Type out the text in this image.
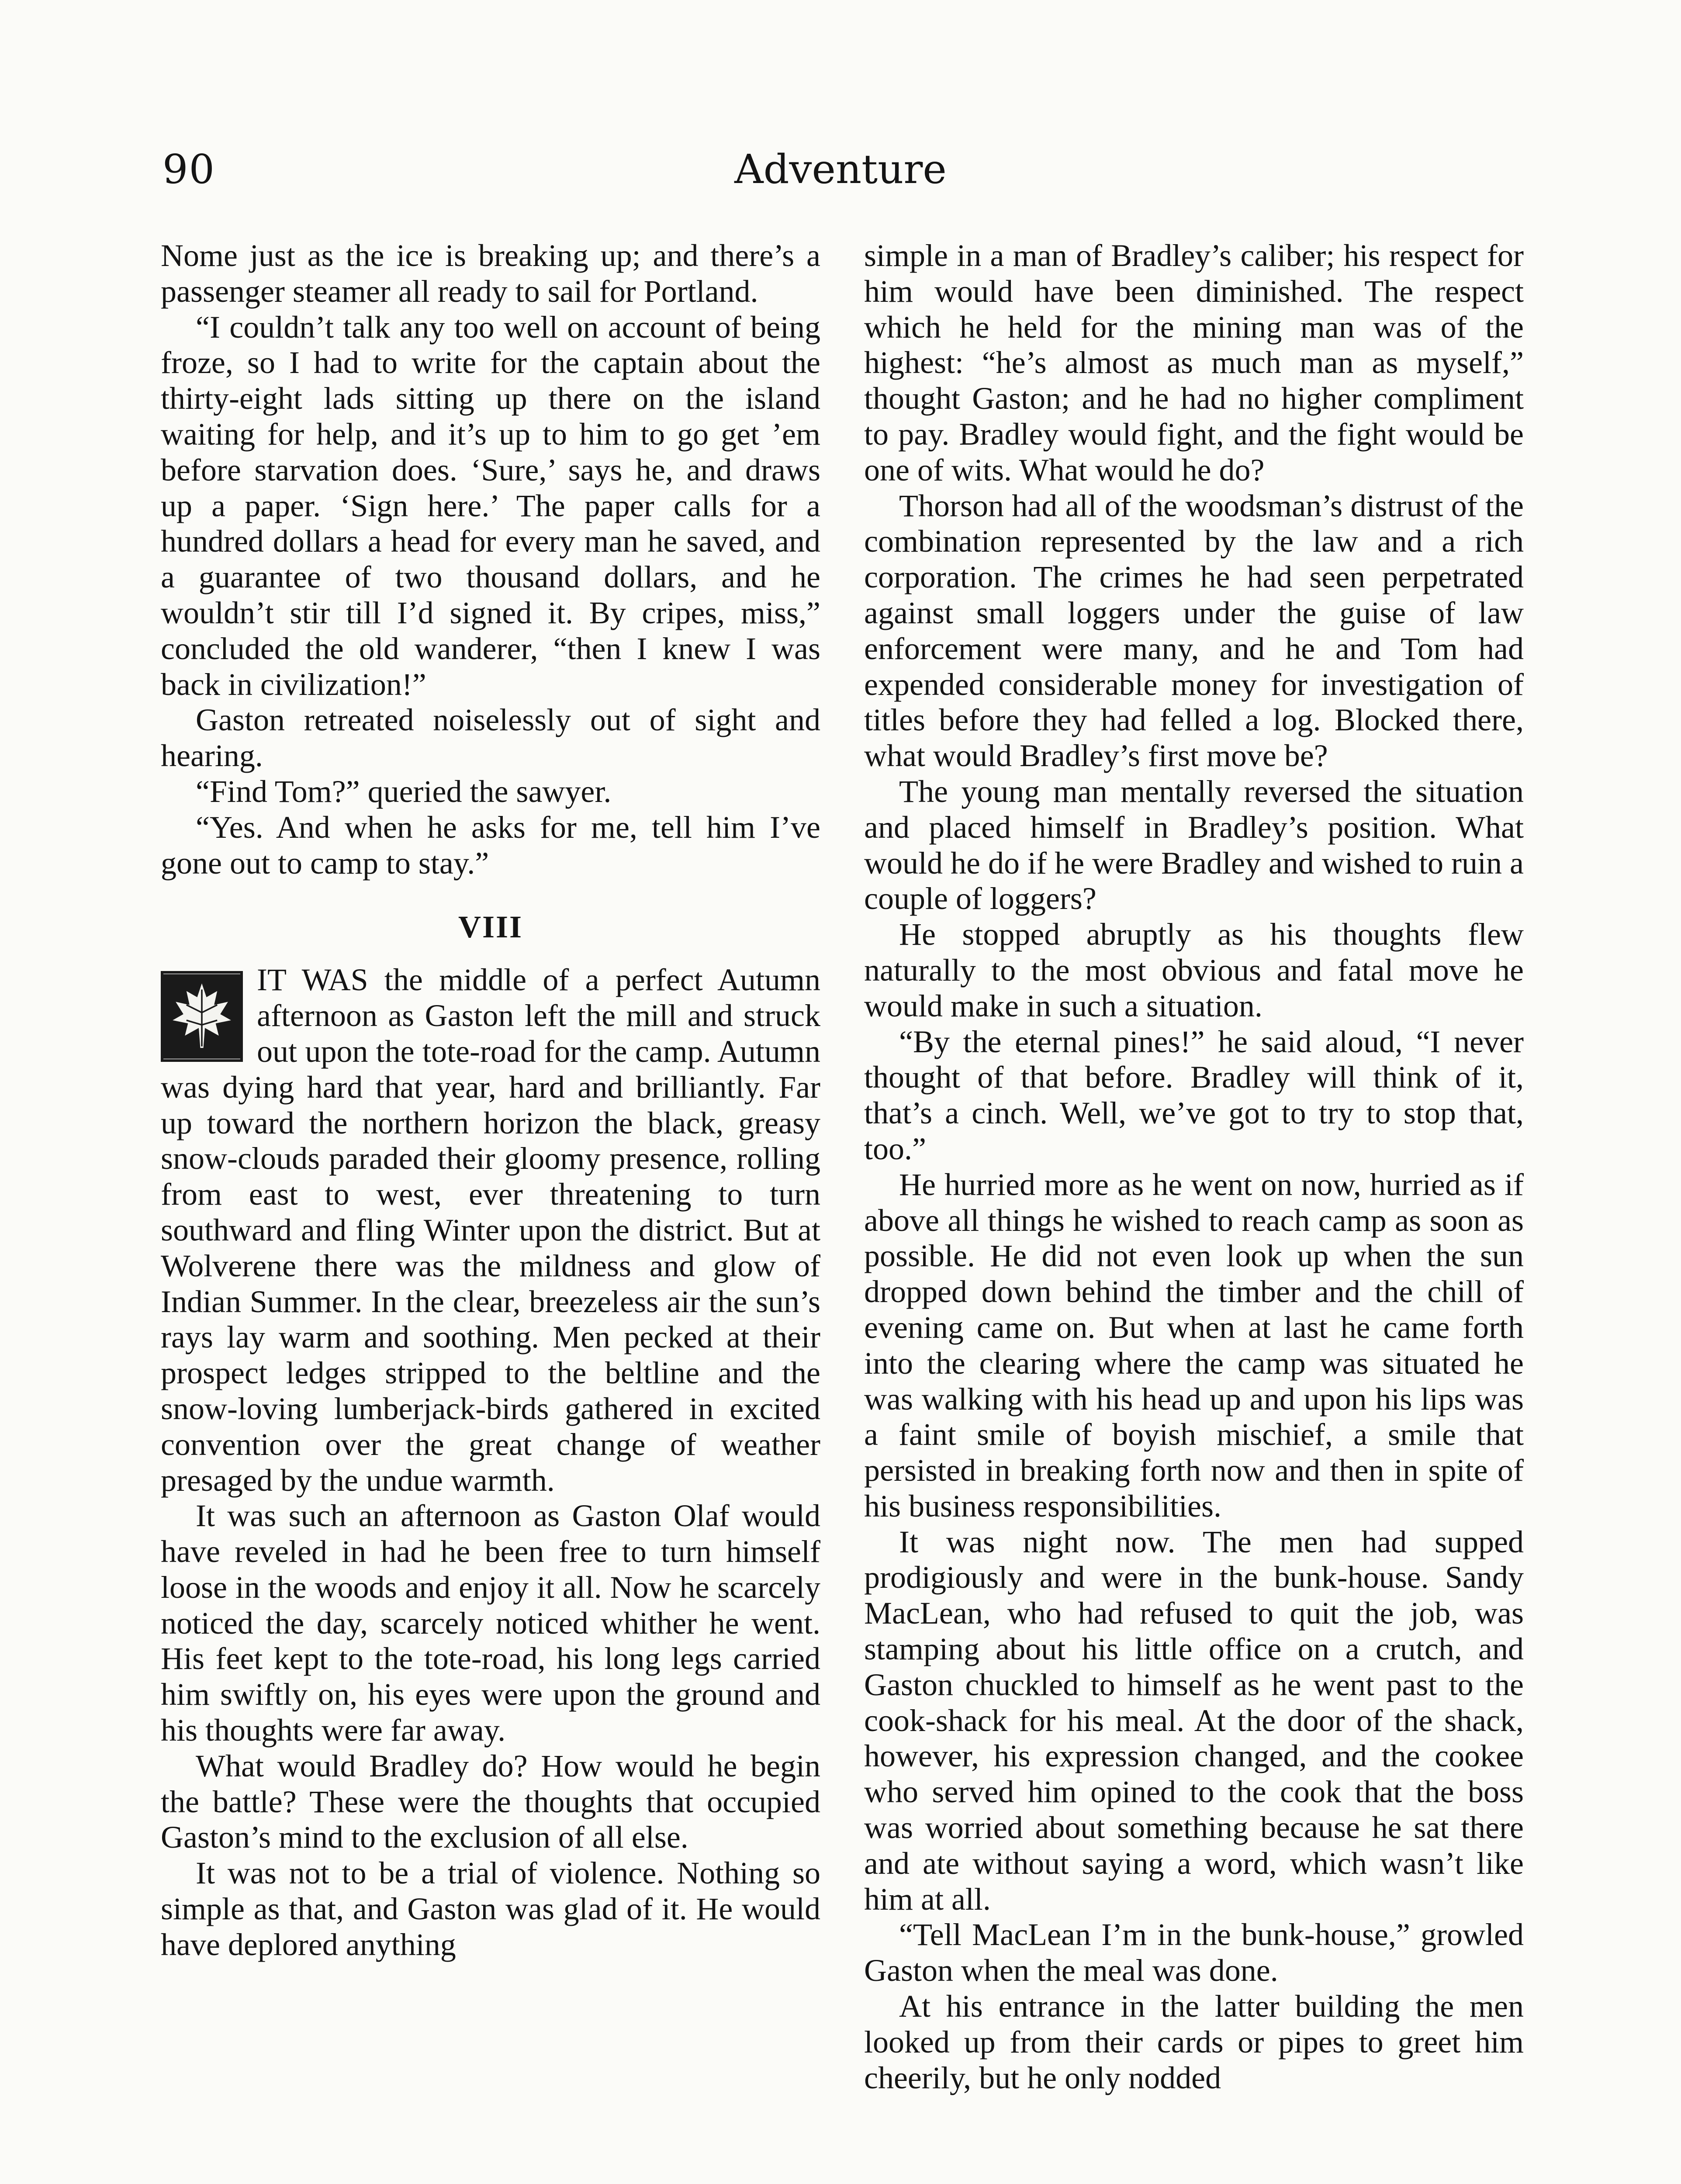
90	Adventure

Nome just as the ice is breaking up; and there’s a passenger steamer all ready to sail for Portland.

“I couldn’t talk any too well on account of being froze, so I had to write for the captain about the thirty-eight lads sitting up there on the island waiting for help, and it’s up to him to go get ’em before starvation does. ‘Sure,’ says he, and draws up a paper. ‘Sign here.’ The paper calls for a hundred dollars a head for every man he saved, and a guarantee of two thousand dollars, and he wouldn’t stir till I’d signed it. By cripes, miss,” concluded the old wanderer, “then I knew I was back in civilization!”

Gaston retreated noiselessly out of sight and hearing.

“Find Tom?” queried the sawyer.

“Yes. And when he asks for me, tell him I’ve gone out to camp to stay.”

VIII

IT WAS the middle of a perfect Autumn afternoon as Gaston left the mill and struck out upon the tote-road for the camp. Autumn was dying hard that year, hard and brilliantly. Far up toward the northern horizon the black, greasy snow-clouds paraded their gloomy presence, rolling from east to west, ever threatening to turn southward and fling Winter upon the district. But at Wolverene there was the mildness and glow of Indian Summer. In the clear, breezeless air the sun’s rays lay warm and soothing. Men pecked at their prospect ledges stripped to the beltline and the snow-loving lumberjack-birds gathered in excited convention over the great change of weather presaged by the undue warmth.

It was such an afternoon as Gaston Olaf would have reveled in had he been free to turn himself loose in the woods and enjoy it all. Now he scarcely noticed the day, scarcely noticed whither he went. His feet kept to the tote-road, his long legs carried him swiftly on, his eyes were upon the ground and his thoughts were far away.

What would Bradley do? How would he begin the battle? These were the thoughts that occupied Gaston’s mind to the exclusion of all else.

It was not to be a trial of violence. Nothing so simple as that, and Gaston was glad of it. He would have deplored anything

simple in a man of Bradley’s caliber; his respect for him would have been diminished. The respect which he held for the mining man was of the highest: “he’s almost as much man as myself,” thought Gaston; and he had no higher compliment to pay. Bradley would fight, and the fight would be one of wits. What would he do?

Thorson had all of the woodsman’s distrust of the combination represented by the law and a rich corporation. The crimes he had seen perpetrated against small loggers under the guise of law enforcement were many, and he and Tom had expended considerable money for investigation of titles before they had felled a log. Blocked there, what would Bradley’s first move be?

The young man mentally reversed the situation and placed himself in Bradley’s position. What would he do if he were Bradley and wished to ruin a couple of loggers?

He stopped abruptly as his thoughts flew naturally to the most obvious and fatal move he would make in such a situation.

“By the eternal pines!” he said aloud, “I never thought of that before. Bradley will think of it, that’s a cinch. Well, we’ve got to try to stop that, too.”

He hurried more as he went on now, hurried as if above all things he wished to reach camp as soon as possible. He did not even look up when the sun dropped down behind the timber and the chill of evening came on. But when at last he came forth into the clearing where the camp was situated he was walking with his head up and upon his lips was a faint smile of boyish mischief, a smile that persisted in breaking forth now and then in spite of his business responsibilities.

It was night now. The men had supped prodigiously and were in the bunk-house. Sandy MacLean, who had refused to quit the job, was stamping about his little office on a crutch, and Gaston chuckled to himself as he went past to the cook-shack for his meal. At the door of the shack, however, his expression changed, and the cookee who served him opined to the cook that the boss was worried about something because he sat there and ate without saying a word, which wasn’t like him at all.

“Tell MacLean I’m in the bunk-house,” growled Gaston when the meal was done.

At his entrance in the latter building the men looked up from their cards or pipes to greet him cheerily, but he only nodded
